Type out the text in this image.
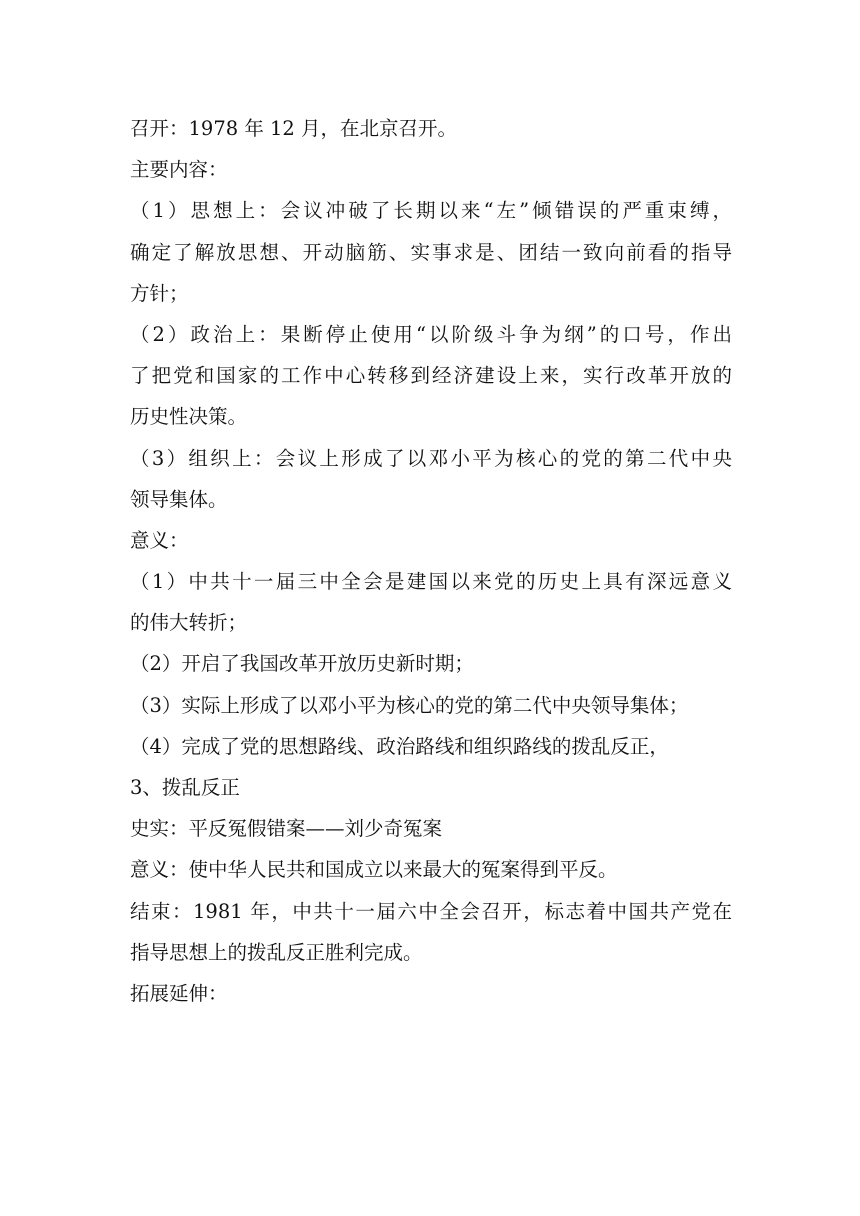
召开：1978 年 12 月，在北京召开。
主要内容：
（1）思想上：会议冲破了长期以来“左”倾错误的严重束缚，
确定了解放思想、开动脑筋、实事求是、团结一致向前看的指导
方针；
（2）政治上：果断停止使用“以阶级斗争为纲”的口号，作出
了把党和国家的工作中心转移到经济建设上来，实行改革开放的
历史性决策。
（3）组织上：会议上形成了以邓小平为核心的党的第二代中央
领导集体。
意义：
（1）中共十一届三中全会是建国以来党的历史上具有深远意义
的伟大转折；
（2）开启了我国改革开放历史新时期；
（3）实际上形成了以邓小平为核心的党的第二代中央领导集体；
（4）完成了党的思想路线、政治路线和组织路线的拨乱反正，
3、拨乱反正
史实：平反冤假错案——刘少奇冤案
意义：使中华人民共和国成立以来最大的冤案得到平反。
结束：1981 年，中共十一届六中全会召开，标志着中国共产党在
指导思想上的拨乱反正胜利完成。
拓展延伸：
